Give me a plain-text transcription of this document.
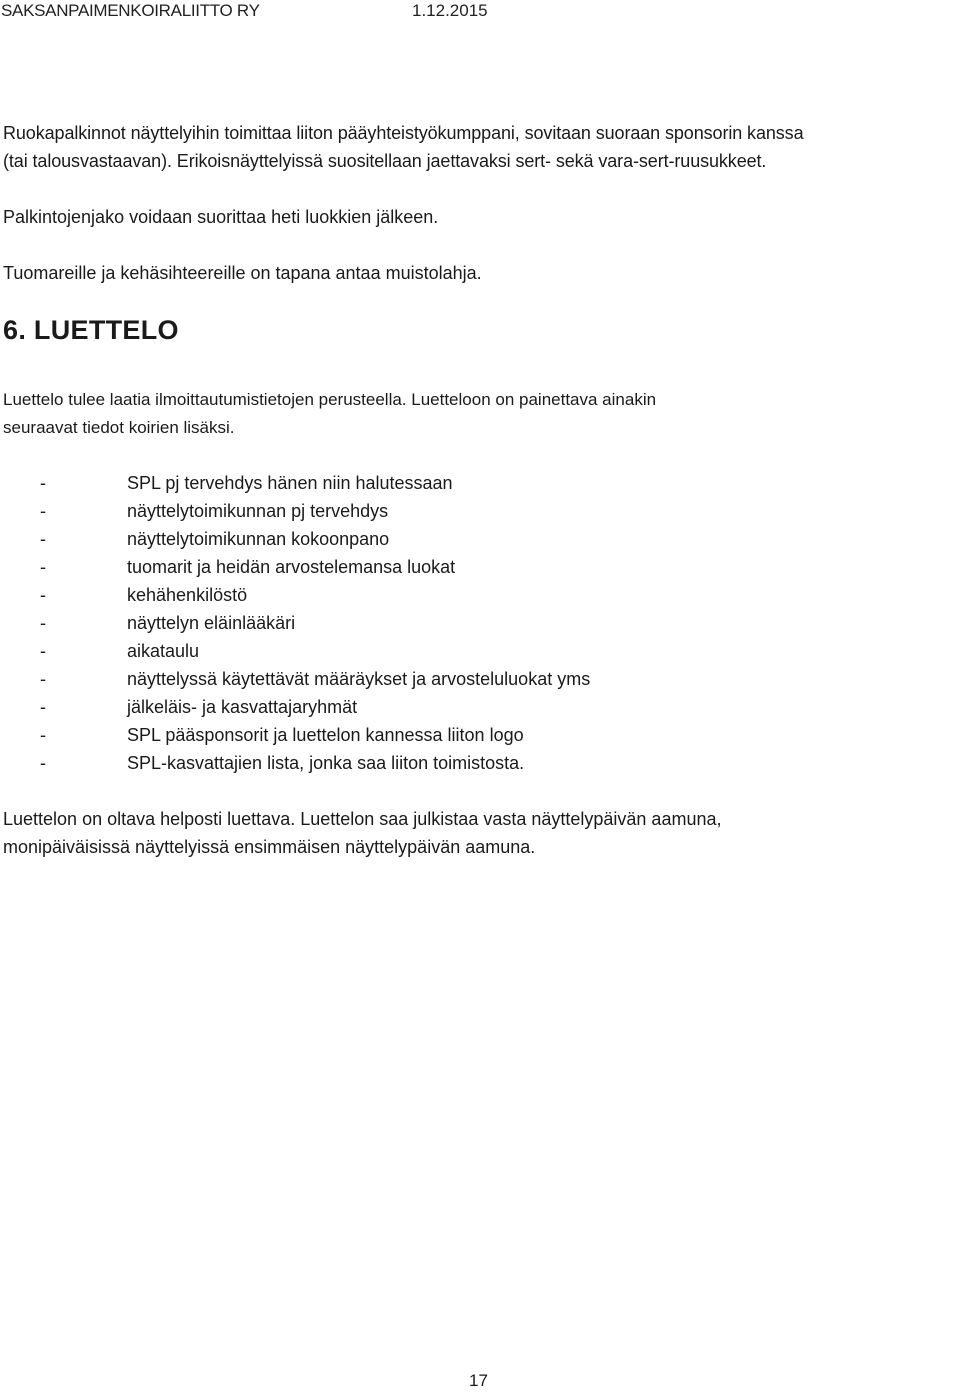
SAKSANPAIMENKOIRALIITTO RY	1.12.2015
Ruokapalkinnot näyttelyihin toimittaa liiton pääyhteistyökumppani, sovitaan suoraan sponsorin kanssa
(tai talousvastaavan). Erikoisnäyttelyissä suositellaan jaettavaksi sert- sekä vara-sert-ruusukkeet.
Palkintojenjako voidaan suorittaa heti luokkien jälkeen.
Tuomareille ja kehäsihteereille on tapana antaa muistolahja.
6. LUETTELO
Luettelo tulee laatia ilmoittautumistietojen perusteella. Luetteloon on painettava ainakin
seuraavat tiedot koirien lisäksi.
-	SPL pj tervehdys hänen niin halutessaan
-	näyttelytoimikunnan pj tervehdys
-	näyttelytoimikunnan kokoonpano
-	tuomarit ja heidän arvostelemansa luokat
-	kehähenkilöstö
-	näyttelyn eläinlääkäri
-	aikataulu
-	näyttelyssä käytettävät määräykset ja arvosteluluokat yms
-	jälkeläis- ja kasvattajaryhmät
-	SPL pääsponsorit ja luettelon kannessa liiton logo
-	SPL-kasvattajien lista, jonka saa liiton toimistosta.
Luettelon on oltava helposti luettava. Luettelon saa julkistaa vasta näyttelypäivän aamuna,
monipäiväisissä näyttelyissä ensimmäisen näyttelypäivän aamuna.
17
